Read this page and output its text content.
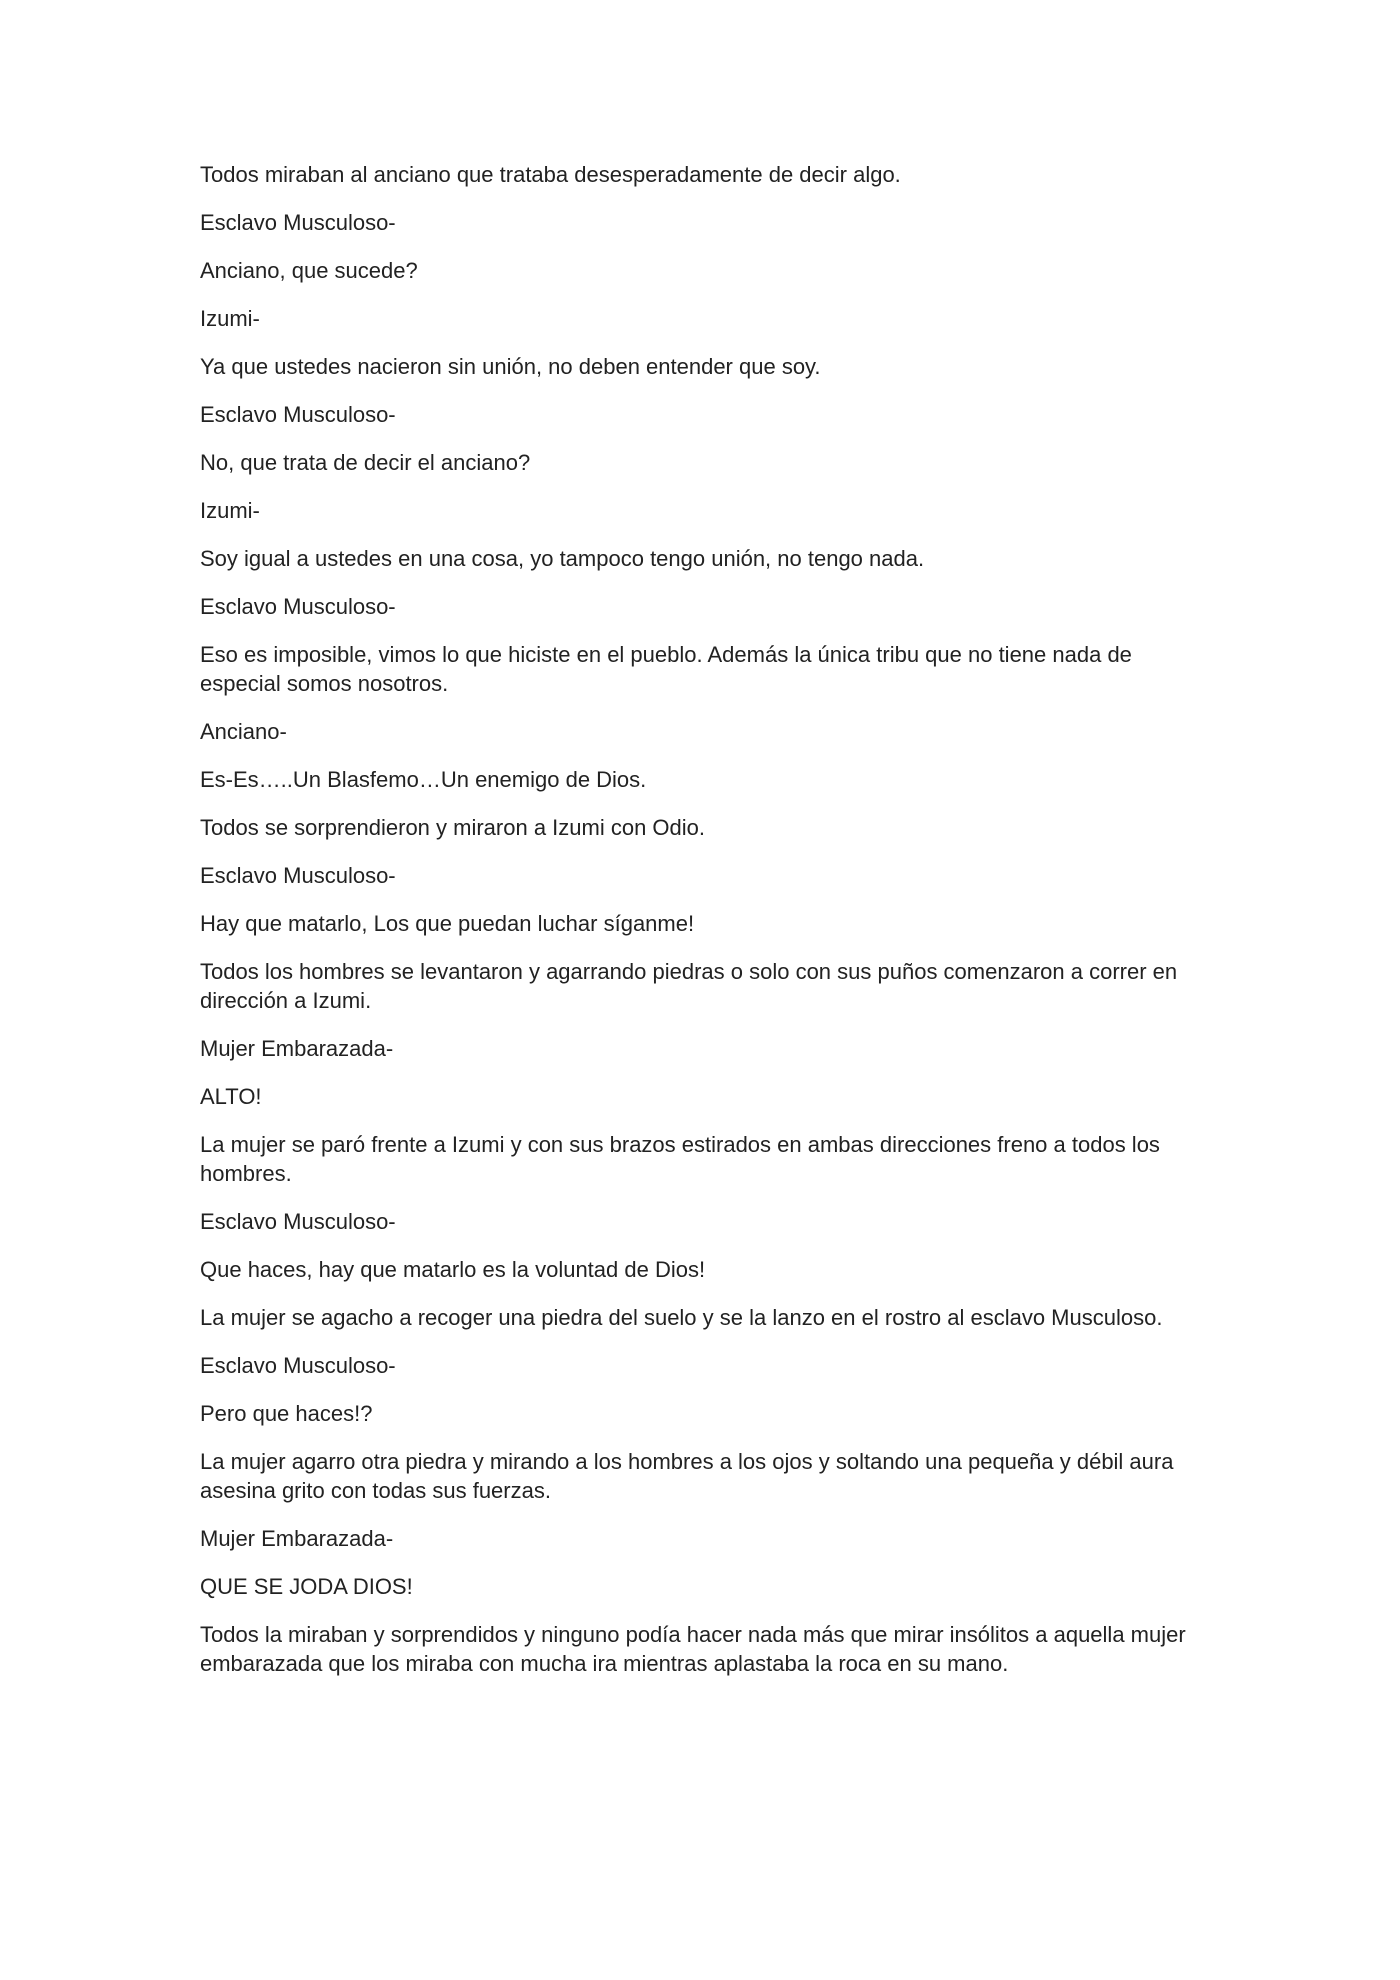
Todos miraban al anciano que trataba desesperadamente de decir algo.

Esclavo Musculoso-

Anciano, que sucede?

Izumi-

Ya que ustedes nacieron sin unión, no deben entender que soy.

Esclavo Musculoso-

No, que trata de decir el anciano?

Izumi-

Soy igual a ustedes en una cosa, yo tampoco tengo unión, no tengo nada.

Esclavo Musculoso-

Eso es imposible, vimos lo que hiciste en el pueblo. Además la única tribu que no tiene nada de especial somos nosotros.

Anciano-

Es-Es…..Un Blasfemo…Un enemigo de Dios.

Todos se sorprendieron y miraron a Izumi con Odio.

Esclavo Musculoso-

Hay que matarlo, Los que puedan luchar síganme!

Todos los hombres se levantaron y agarrando piedras o solo con sus puños comenzaron a correr en dirección a Izumi.

Mujer Embarazada-

ALTO!

La mujer se paró frente a Izumi y con sus brazos estirados en ambas direcciones freno a todos los hombres.

Esclavo Musculoso-

Que haces, hay que matarlo es la voluntad de Dios!

La mujer se agacho a recoger una piedra del suelo y se la lanzo en el rostro al esclavo Musculoso.

Esclavo Musculoso-

Pero que haces!?

La mujer agarro otra piedra y mirando a los hombres a los ojos y soltando una pequeña y débil aura asesina grito con todas sus fuerzas.

Mujer Embarazada-

QUE SE JODA DIOS!

Todos la miraban y sorprendidos y ninguno podía hacer nada más que mirar insólitos a aquella mujer embarazada que los miraba con mucha ira mientras aplastaba la roca en su mano.
